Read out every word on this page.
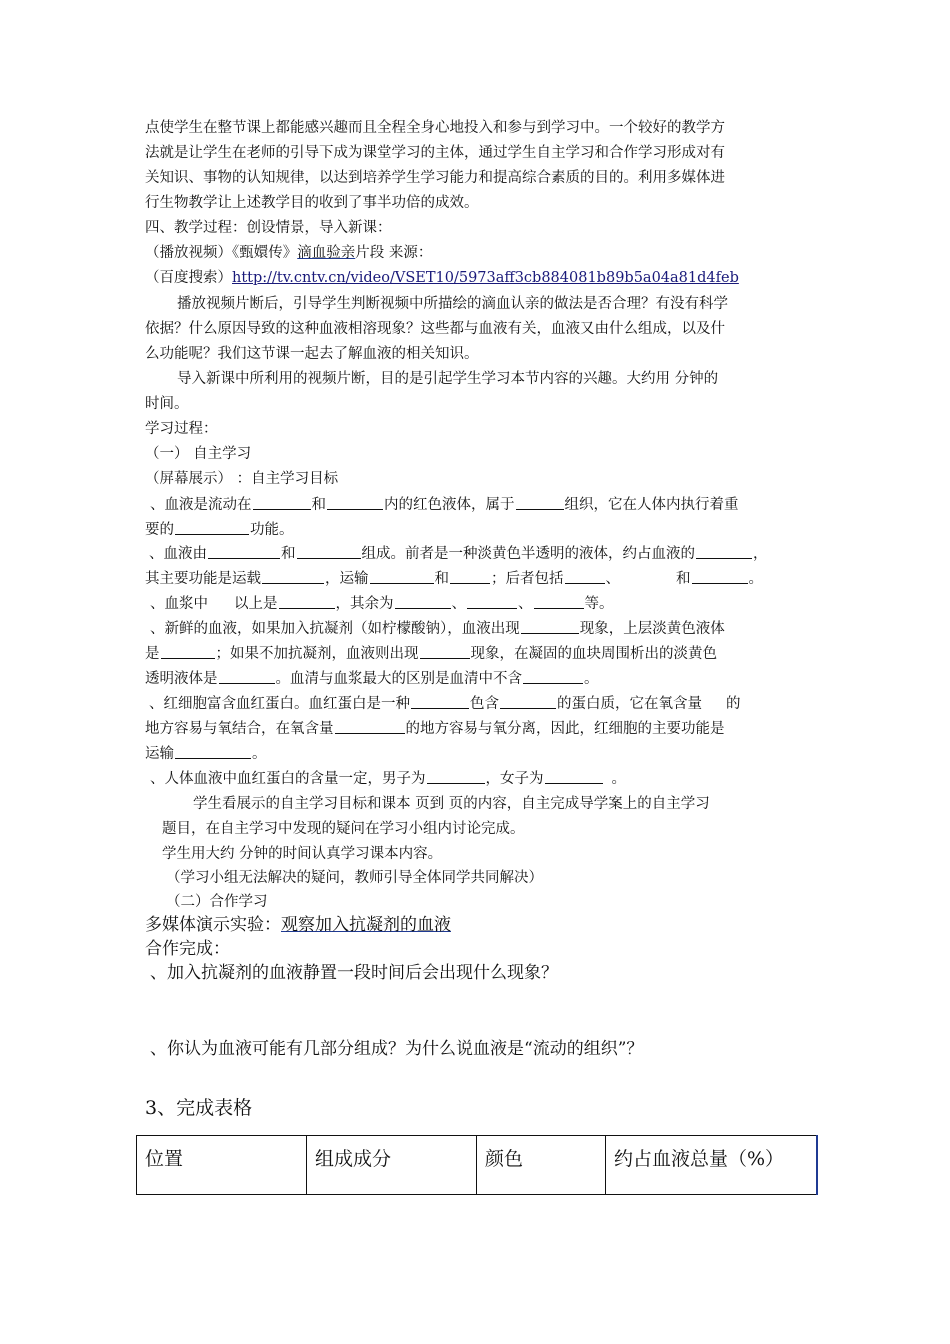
点使学生在整节课上都能感兴趣而且全程全身心地投入和参与到学习中。一个较好的教学方
法就是让学生在老师的引导下成为课堂学习的主体，通过学生自主学习和合作学习形成对有
关知识、事物的认知规律，以达到培养学生学习能力和提高综合素质的目的。利用多媒体进
行生物教学让上述教学目的收到了事半功倍的成效。
四、教学过程：创设情景，导入新课：
（播放视频）《甄嬛传》滴血验亲片段 来源：
（百度搜索）http://tv.cntv.cn/video/VSET10/5973aff3cb884081b89b5a04a81d4feb
播放视频片断后，引导学生判断视频中所描绘的滴血认亲的做法是否合理？有没有科学
依据？什么原因导致的这种血液相溶现象？这些都与血液有关，血液又由什么组成，以及什
么功能呢？我们这节课一起去了解血液的相关知识。
导入新课中所利用的视频片断，目的是引起学生学习本节内容的兴趣。大约用 分钟的
时间。
学习过程：
（一） 自主学习
（屏幕展示） ：自主学习目标
、血液是流动在	和	内的红色液体，属于	组织，它在人体内执行着重
要的	功能。
、血液由	和	组成。前者是一种淡黄色半透明的液体，约占血液的	，
其主要功能是运载	，运输	和	；后者包括	、	和	。
、血浆中 以上是	，其余为	、	、	等。
、新鲜的血液，如果加入抗凝剂（如柠檬酸钠），血液出现	现象，上层淡黄色液体
是	；如果不加抗凝剂，血液则出现	现象，在凝固的血块周围析出的淡黄色
透明液体是	。血清与血浆最大的区别是血清中不含	。
、红细胞富含血红蛋白。血红蛋白是一种	色含	的蛋白质，它在氧含量 的
地方容易与氧结合，在氧含量	的地方容易与氧分离，因此，红细胞的主要功能是
运输	。
、人体血液中血红蛋白的含量一定，男子为	，女子为	。
学生看展示的自主学习目标和课本 页到 页的内容，自主完成导学案上的自主学习
题目，在自主学习中发现的疑问在学习小组内讨论完成。
学生用大约 分钟的时间认真学习课本内容。
（学习小组无法解决的疑问，教师引导全体同学共同解决）
（二）合作学习
多媒体演示实验：观察加入抗凝剂的血液
合作完成：
、加入抗凝剂的血液静置一段时间后会出现什么现象？
、你认为血液可能有几部分组成？为什么说血液是“流动的组织”？
3、完成表格
位置	组成成分	颜色	约占血液总量（%）
